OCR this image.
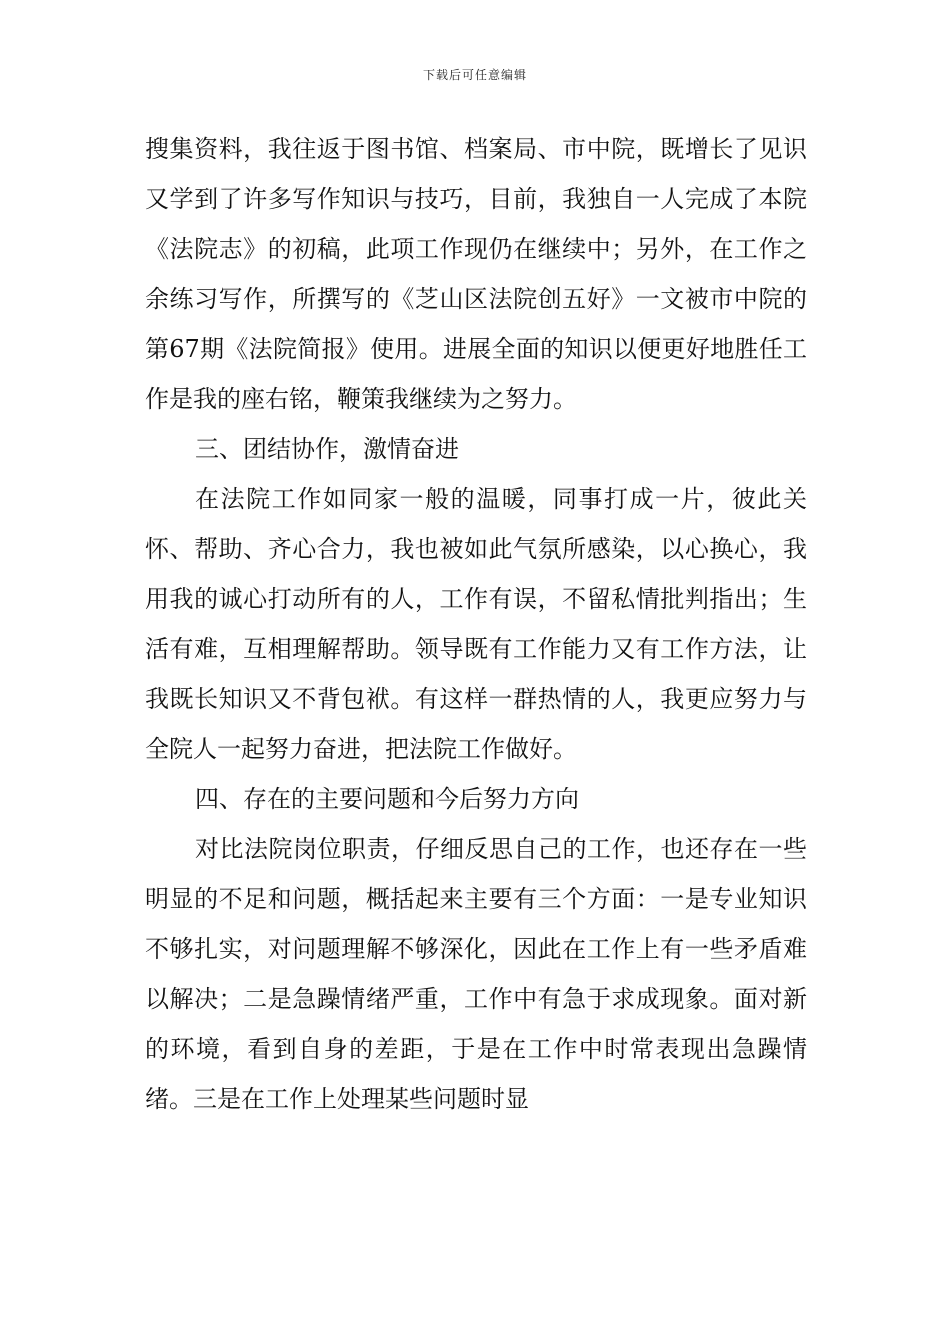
下载后可任意编辑

搜集资料，我往返于图书馆、档案局、市中院，既增长了见识又学到了许多写作知识与技巧，目前，我独自一人完成了本院《法院志》的初稿，此项工作现仍在继续中；另外，在工作之余练习写作，所撰写的《芝山区法院创五好》一文被市中院的第67期《法院简报》使用。进展全面的知识以便更好地胜任工作是我的座右铭，鞭策我继续为之努力。

三、团结协作，激情奋进

在法院工作如同家一般的温暖，同事打成一片，彼此关怀、帮助、齐心合力，我也被如此气氛所感染，以心换心，我用我的诚心打动所有的人，工作有误，不留私情批判指出；生活有难，互相理解帮助。领导既有工作能力又有工作方法，让我既长知识又不背包袱。有这样一群热情的人，我更应努力与全院人一起努力奋进，把法院工作做好。

四、存在的主要问题和今后努力方向

对比法院岗位职责，仔细反思自己的工作，也还存在一些明显的不足和问题，概括起来主要有三个方面：一是专业知识不够扎实，对问题理解不够深化，因此在工作上有一些矛盾难以解决；二是急躁情绪严重，工作中有急于求成现象。面对新的环境，看到自身的差距，于是在工作中时常表现出急躁情绪。三是在工作上处理某些问题时显
